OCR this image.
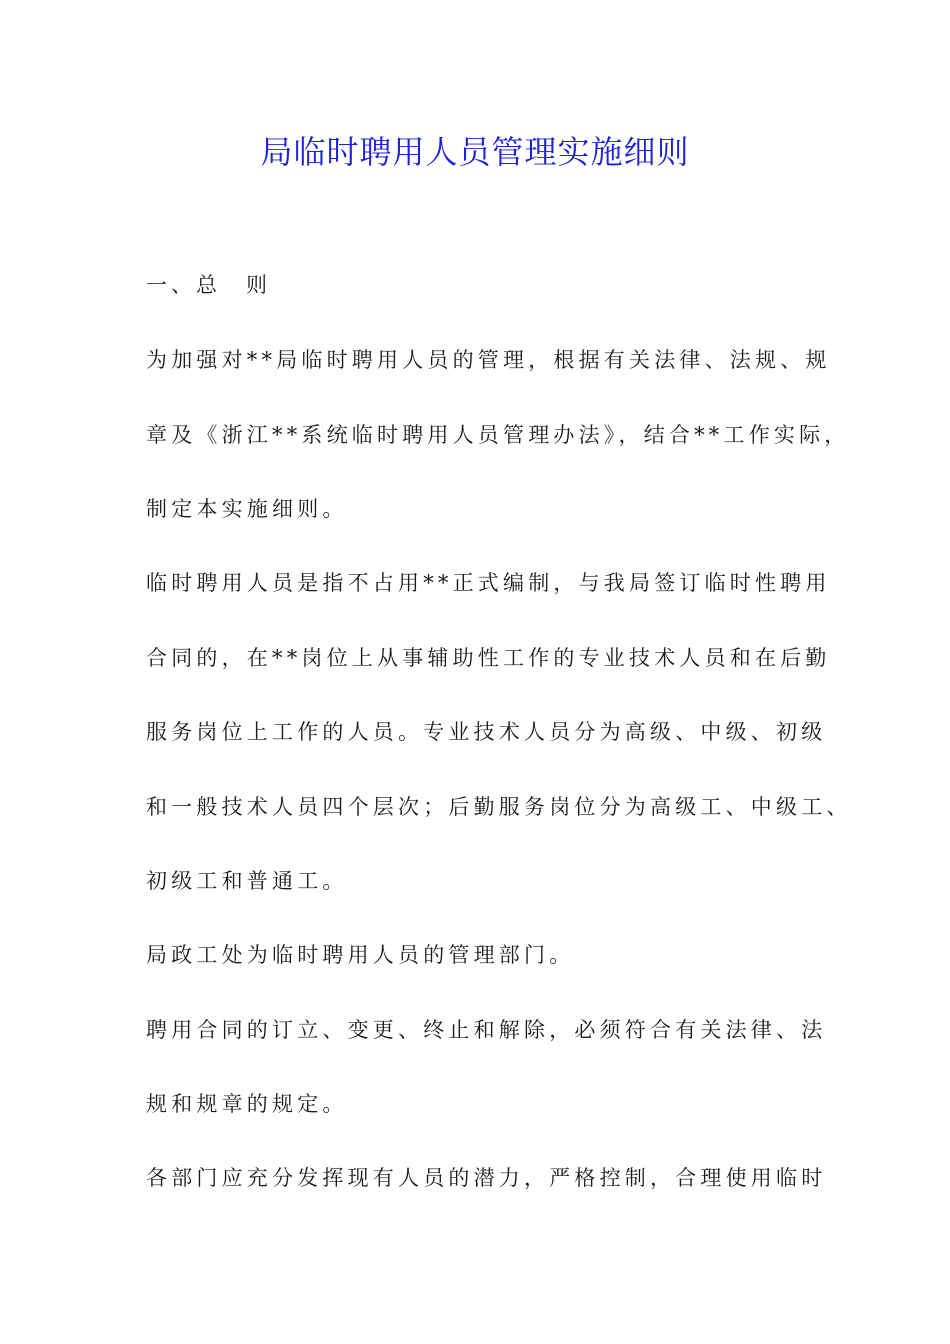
局临时聘用人员管理实施细则

一、总　则

为加强对**局临时聘用人员的管理，根据有关法律、法规、规

章及《浙江**系统临时聘用人员管理办法》，结合**工作实际，

制定本实施细则。

临时聘用人员是指不占用**正式编制，与我局签订临时性聘用

合同的，在**岗位上从事辅助性工作的专业技术人员和在后勤

服务岗位上工作的人员。专业技术人员分为高级、中级、初级

和一般技术人员四个层次；后勤服务岗位分为高级工、中级工、

初级工和普通工。

局政工处为临时聘用人员的管理部门。

聘用合同的订立、变更、终止和解除，必须符合有关法律、法

规和规章的规定。

各部门应充分发挥现有人员的潜力，严格控制，合理使用临时
